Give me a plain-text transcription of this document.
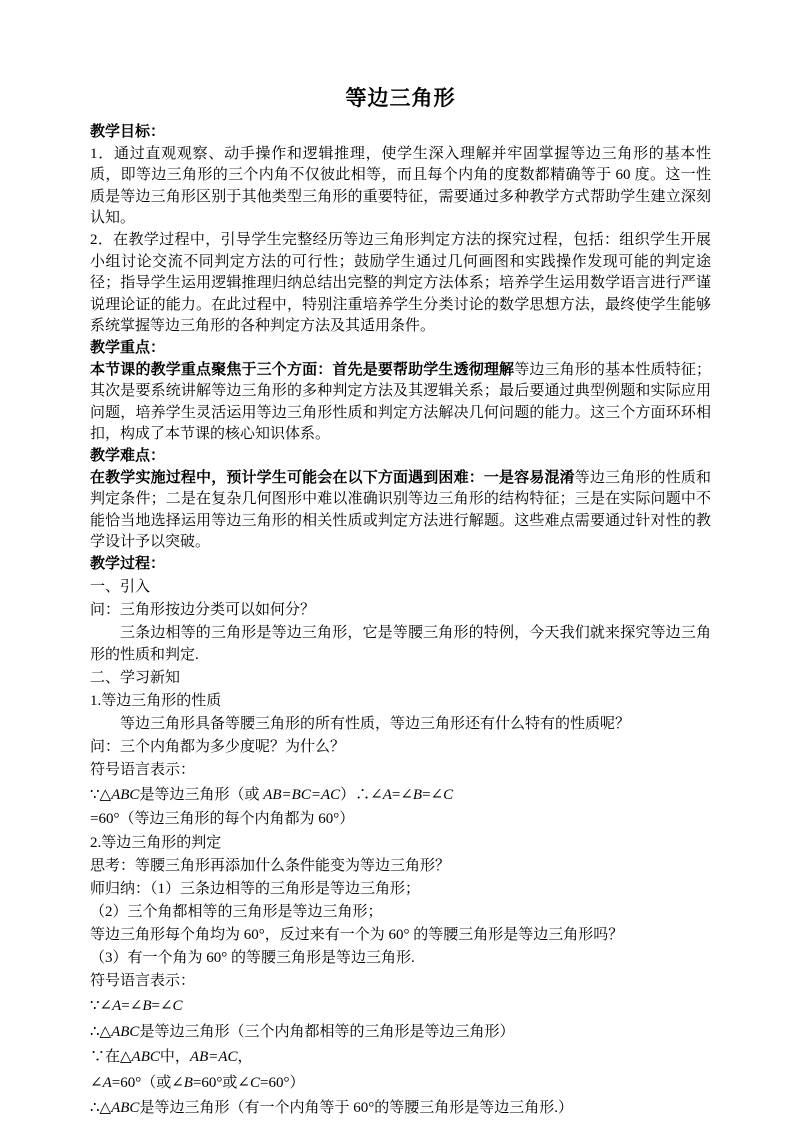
等边三角形

教学目标：

1．通过直观观察、动手操作和逻辑推理，使学生深入理解并牢固掌握等边三角形的基本性质，即等边三角形的三个内角不仅彼此相等，而且每个内角的度数都精确等于 60 度。这一性质是等边三角形区别于其他类型三角形的重要特征，需要通过多种教学方式帮助学生建立深刻认知。

2．在教学过程中，引导学生完整经历等边三角形判定方法的探究过程，包括：组织学生开展小组讨论交流不同判定方法的可行性；鼓励学生通过几何画图和实践操作发现可能的判定途径；指导学生运用逻辑推理归纳总结出完整的判定方法体系；培养学生运用数学语言进行严谨说理论证的能力。在此过程中，特别注重培养学生分类讨论的数学思想方法，最终使学生能够系统掌握等边三角形的各种判定方法及其适用条件。

教学重点：

本节课的教学重点聚焦于三个方面：首先是要帮助学生透彻理解等边三角形的基本性质特征；其次是要系统讲解等边三角形的多种判定方法及其逻辑关系；最后要通过典型例题和实际应用问题，培养学生灵活运用等边三角形性质和判定方法解决几何问题的能力。这三个方面环环相扣，构成了本节课的核心知识体系。

教学难点：

在教学实施过程中，预计学生可能会在以下方面遇到困难：一是容易混淆等边三角形的性质和判定条件；二是在复杂几何图形中难以准确识别等边三角形的结构特征；三是在实际问题中不能恰当地选择运用等边三角形的相关性质或判定方法进行解题。这些难点需要通过针对性的教学设计予以突破。

教学过程：

一、引入

问：三角形按边分类可以如何分？

三条边相等的三角形是等边三角形，它是等腰三角形的特例，今天我们就来探究等边三角形的性质和判定.

二、学习新知

1.等边三角形的性质

等边三角形具备等腰三角形的所有性质，等边三角形还有什么特有的性质呢？

问：三个内角都为多少度呢？为什么？

符号语言表示：

∵△ABC是等边三角形（或 AB=BC=AC）∴∠A=∠B=∠C=60°（等边三角形的每个内角都为 60°）

2.等边三角形的判定

思考：等腰三角形再添加什么条件能变为等边三角形？

师归纳：（1）三条边相等的三角形是等边三角形；

（2）三个角都相等的三角形是等边三角形；

等边三角形每个角均为 60°，反过来有一个为 60° 的等腰三角形是等边三角形吗？

（3）有一个角为 60° 的等腰三角形是等边三角形.

符号语言表示：

∵∠A=∠B=∠C

∴△ABC是等边三角形（三个内角都相等的三角形是等边三角形）

∵在△ABC中，AB=AC，

∠A=60°（或∠B=60°或∠C=60°）

∴△ABC是等边三角形（有一个内角等于 60°的等腰三角形是等边三角形.）
